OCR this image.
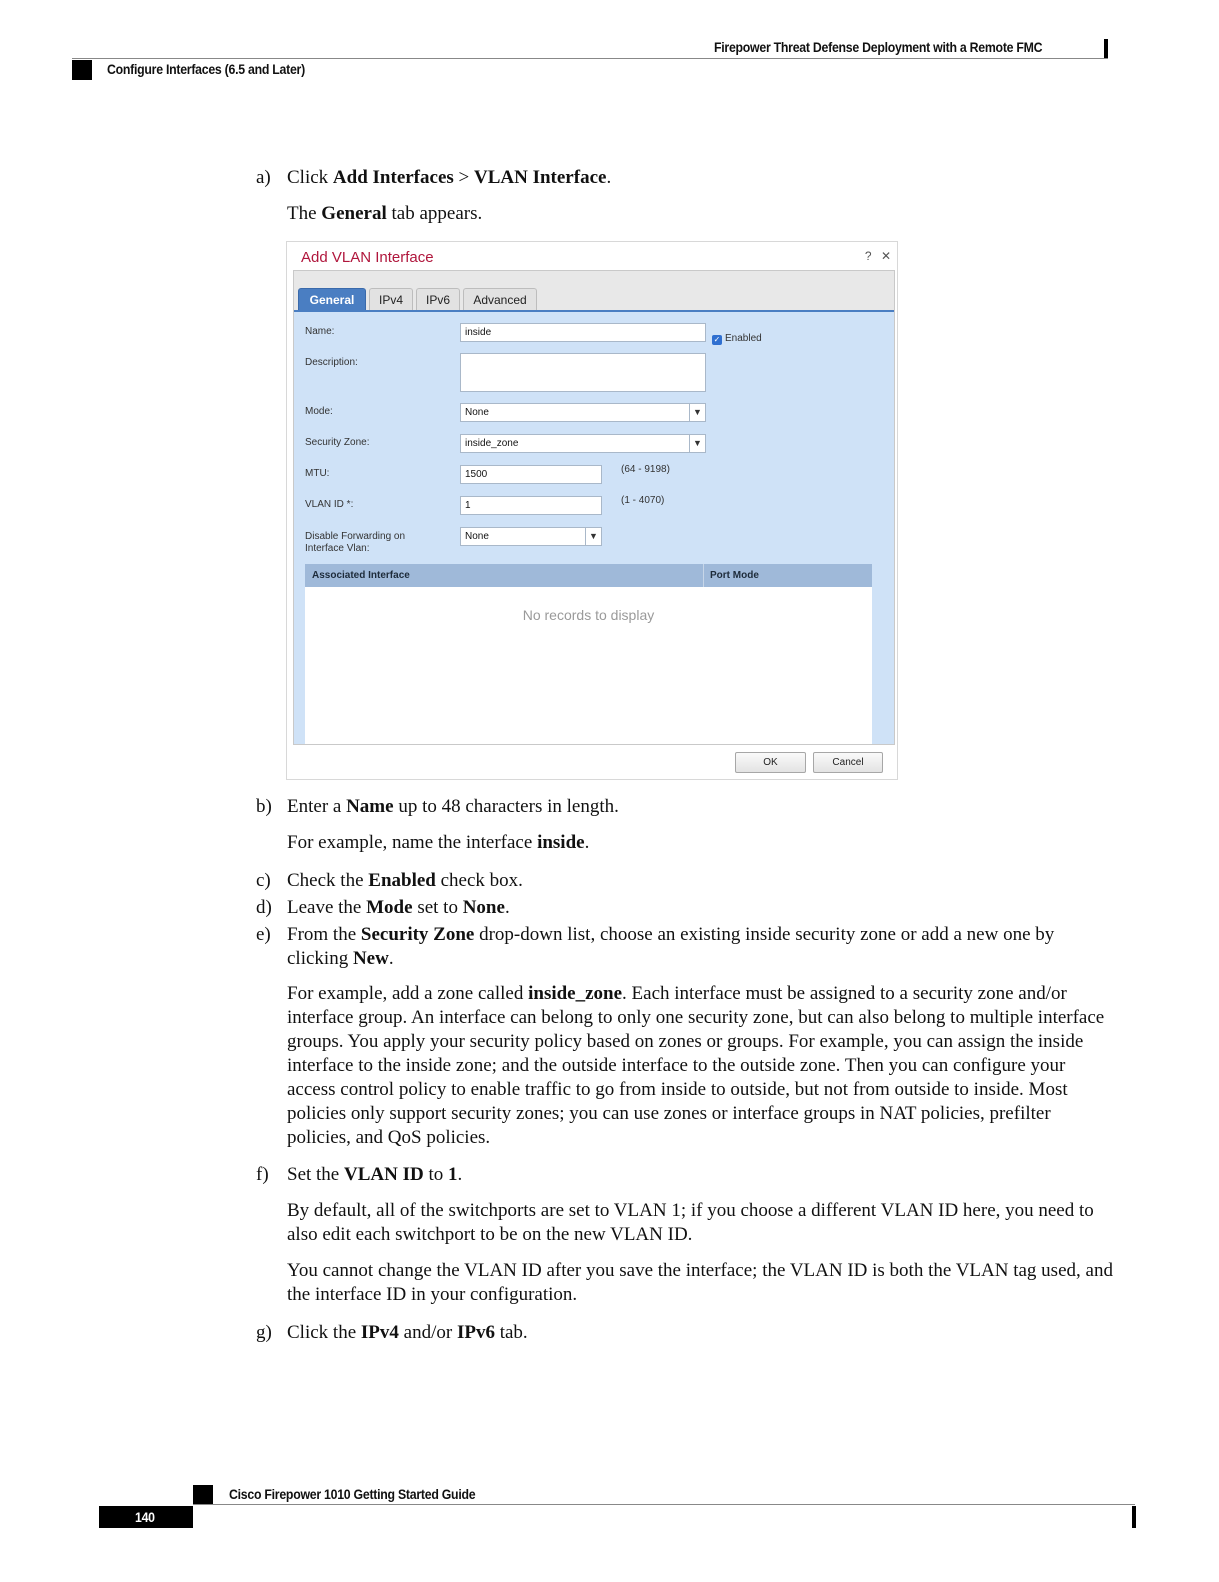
Firepower Threat Defense Deployment with a Remote FMC
Configure Interfaces (6.5 and Later)
a) Click Add Interfaces > VLAN Interface.
The General tab appears.
Add VLAN Interface	? ✕
General	IPv4	IPv6	Advanced
Name:	inside
✓ Enabled
Description:
Mode:	None	▼
Security Zone:	inside_zone	▼
MTU:	1500	(64 - 9198)
VLAN ID *:	1	(1 - 4070)
Disable Forwarding on
Interface Vlan:
None	▼
Associated Interface	Port Mode
No records to display
OK	Cancel
b) Enter a Name up to 48 characters in length.
For example, name the interface inside.
c) Check the Enabled check box.
d) Leave the Mode set to None.
e) From the Security Zone drop-down list, choose an existing inside security zone or add a new one by clicking New.
For example, add a zone called inside_zone. Each interface must be assigned to a security zone and/or interface group. An interface can belong to only one security zone, but can also belong to multiple interface groups. You apply your security policy based on zones or groups. For example, you can assign the inside interface to the inside zone; and the outside interface to the outside zone. Then you can configure your access control policy to enable traffic to go from inside to outside, but not from outside to inside. Most policies only support security zones; you can use zones or interface groups in NAT policies, prefilter policies, and QoS policies.
f) Set the VLAN ID to 1.
By default, all of the switchports are set to VLAN 1; if you choose a different VLAN ID here, you need to also edit each switchport to be on the new VLAN ID.
You cannot change the VLAN ID after you save the interface; the VLAN ID is both the VLAN tag used, and the interface ID in your configuration.
g) Click the IPv4 and/or IPv6 tab.
Cisco Firepower 1010 Getting Started Guide
140
